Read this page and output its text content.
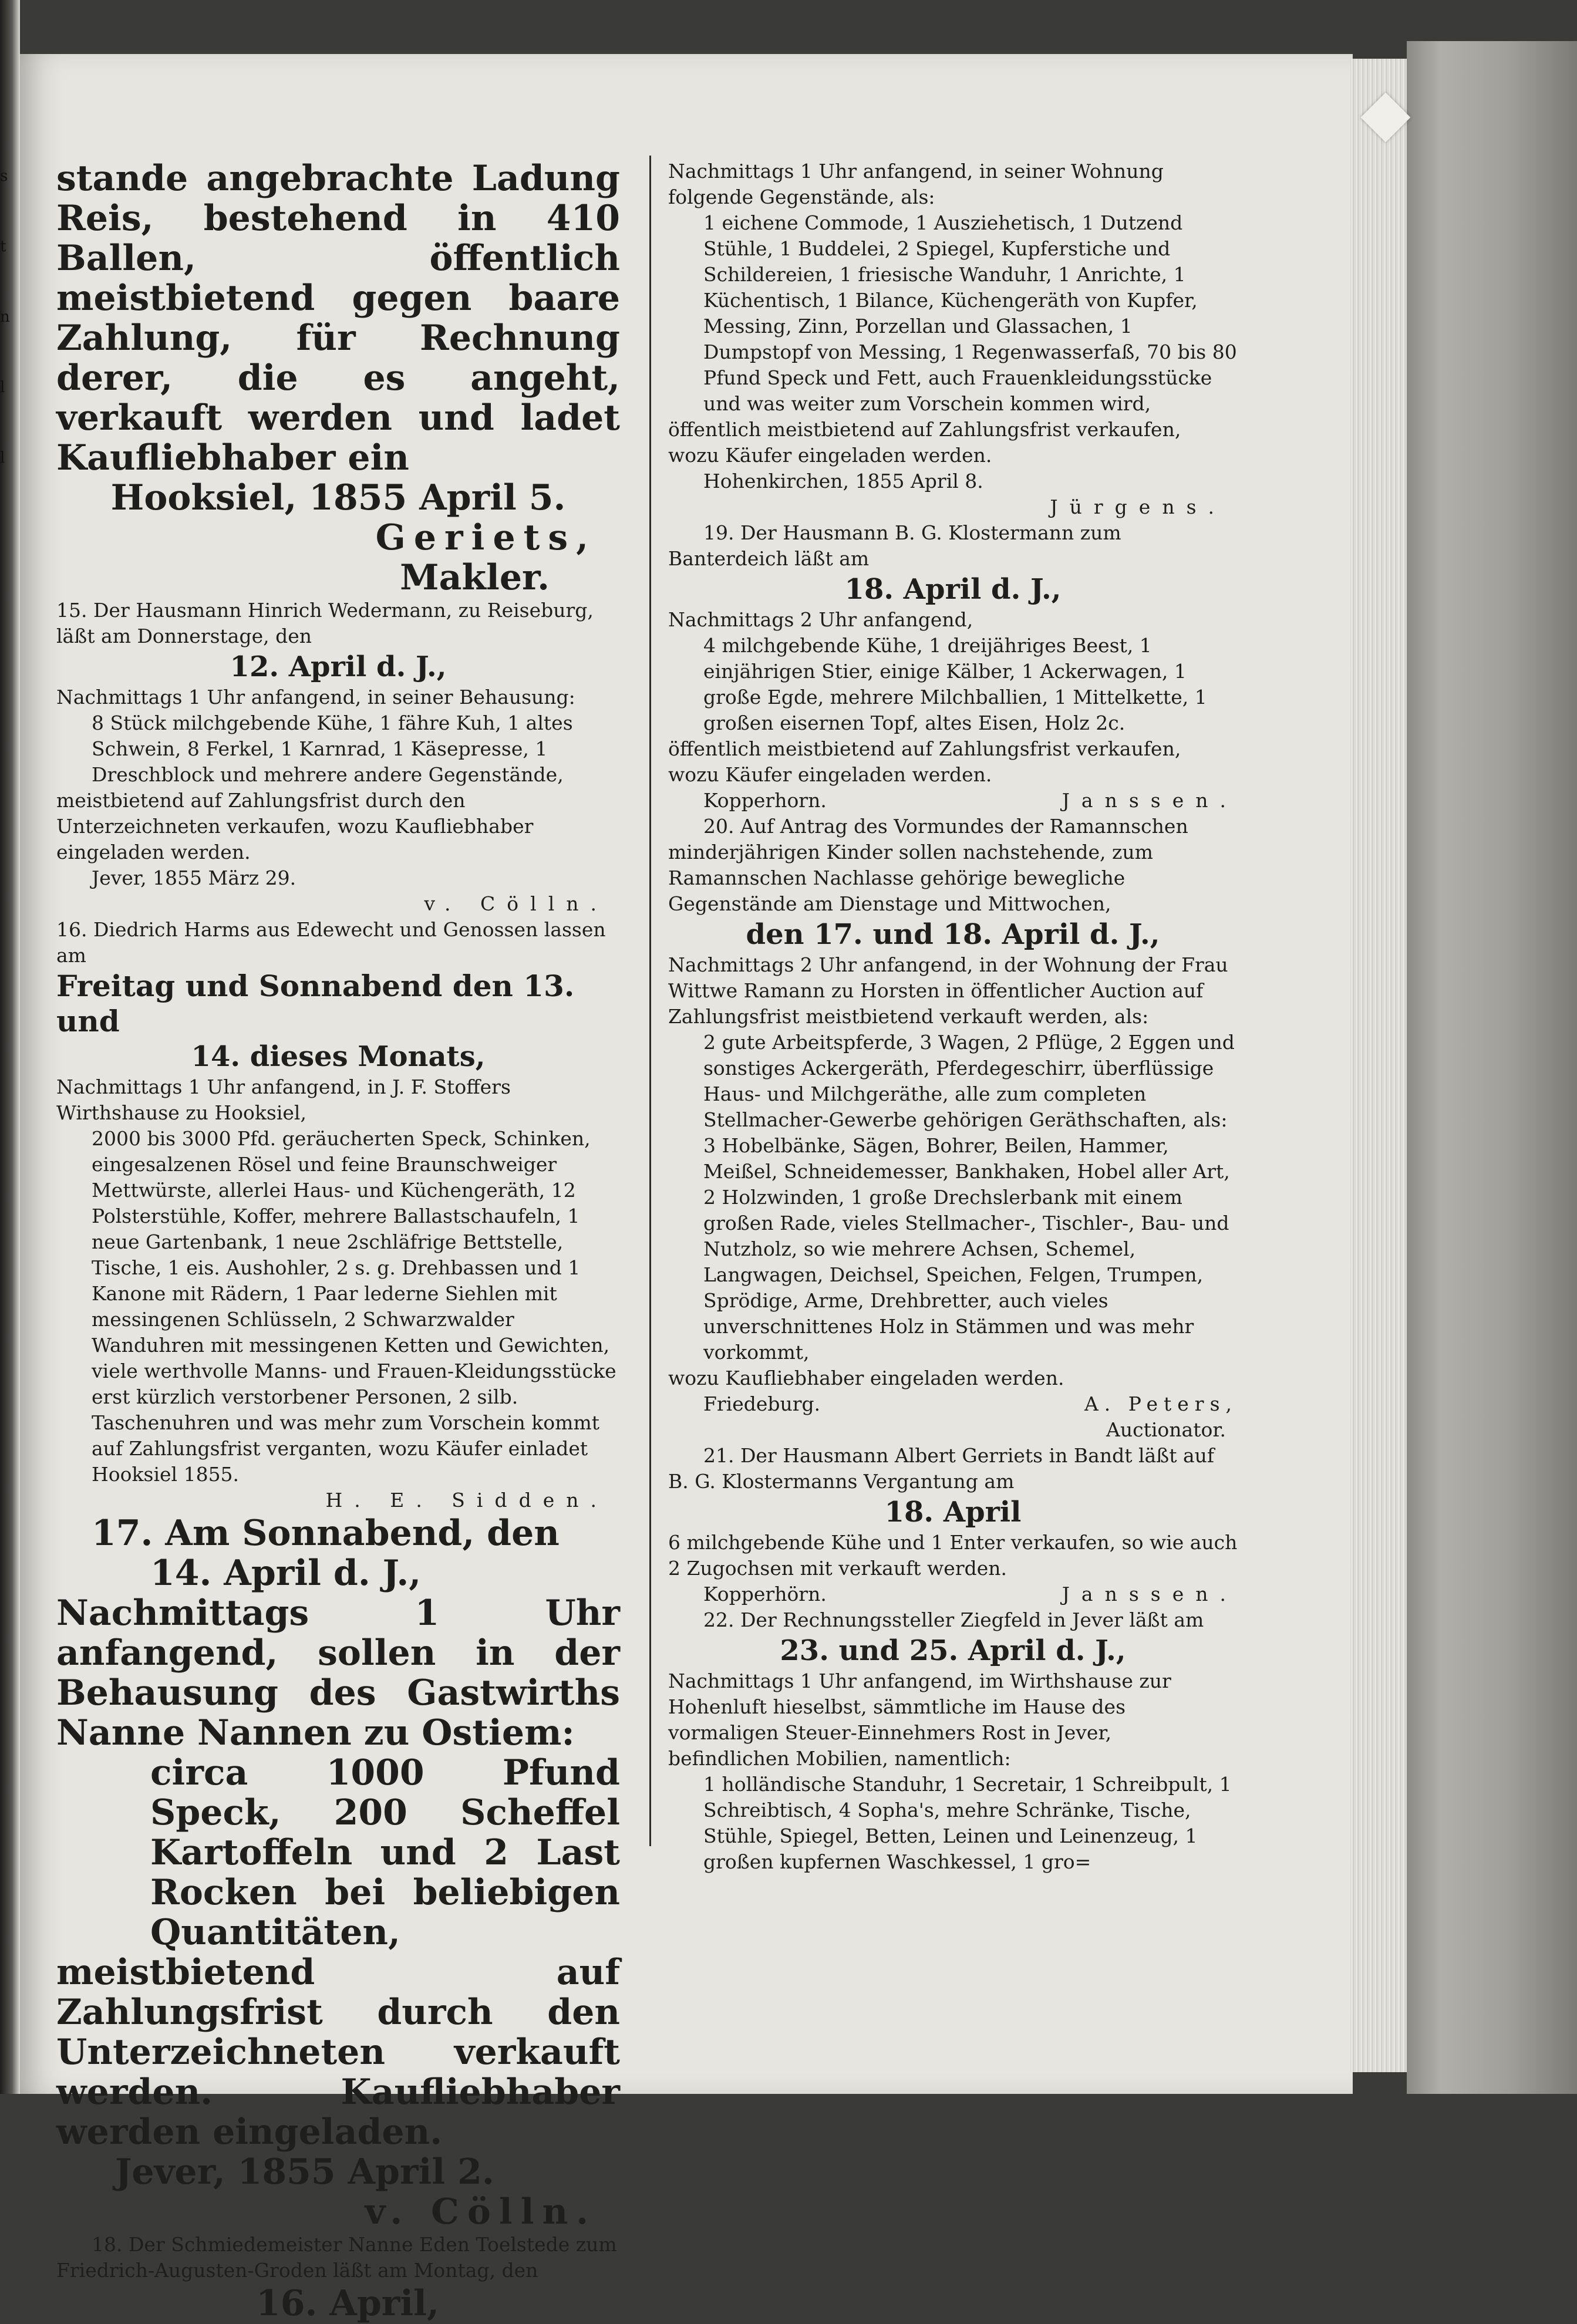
s
t
n
l
l

stande angebrachte Ladung Reis, bestehend in 410 Ballen, öffentlich meistbietend gegen baare Zahlung, für Rechnung derer, die es angeht, verkauft werden und ladet Kaufliebhaber ein

Hooksiel, 1855 April 5.

Geriets,

Makler.

15. Der Hausmann Hinrich Wedermann, zu Reiseburg, läßt am Donnerstage, den

12. April d. J.,

Nachmittags 1 Uhr anfangend, in seiner Behausung:

8 Stück milchgebende Kühe, 1 fähre Kuh, 1 altes Schwein, 8 Ferkel, 1 Karnrad, 1 Käsepresse, 1 Dreschblock und mehrere andere Gegenstände,

meistbietend auf Zahlungsfrist durch den Unterzeichneten verkaufen, wozu Kaufliebhaber eingeladen werden.

Jever, 1855 März 29.

v. Cölln.

16. Diedrich Harms aus Edewecht und Genossen lassen am

Freitag und Sonnabend den 13. und

14. dieses Monats,

Nachmittags 1 Uhr anfangend, in J. F. Stoffers Wirthshause zu Hooksiel,

2000 bis 3000 Pfd. geräucherten Speck, Schinken, eingesalzenen Rösel und feine Braunschweiger Mettwürste, allerlei Haus- und Küchengeräth, 12 Polsterstühle, Koffer, mehrere Ballastschaufeln, 1 neue Gartenbank, 1 neue 2schläfrige Bettstelle, Tische, 1 eis. Aushohler, 2 s. g. Drehbassen und 1 Kanone mit Rädern, 1 Paar lederne Siehlen mit messingenen Schlüsseln, 2 Schwarzwalder Wanduhren mit messingenen Ketten und Gewichten, viele werthvolle Manns- und Frauen-Kleidungsstücke erst kürzlich verstorbener Personen, 2 silb. Taschenuhren und was mehr zum Vorschein kommt auf Zahlungsfrist verganten, wozu Käufer einladet

Hooksiel 1855.

H. E. Sidden.

17. Am Sonnabend, den

14. April d. J.,

Nachmittags 1 Uhr anfangend, sollen in der Behausung des Gastwirths Nanne Nannen zu Ostiem:

circa 1000 Pfund Speck, 200 Scheffel Kartoffeln und 2 Last Rocken bei beliebigen Quantitäten,

meistbietend auf Zahlungsfrist durch den Unterzeichneten verkauft werden. Kaufliebhaber werden eingeladen.

Jever, 1855 April 2.

v. Cölln.

18. Der Schmiedemeister Nanne Eden Toelstede zum Friedrich-Augusten-Groden läßt am Montag, den

16. April,

Nachmittags 1 Uhr anfangend, in seiner Wohnung folgende Gegenstände, als:

1 eichene Commode, 1 Ausziehetisch, 1 Dutzend Stühle, 1 Buddelei, 2 Spiegel, Kupferstiche und Schildereien, 1 friesische Wanduhr, 1 Anrichte, 1 Küchentisch, 1 Bilance, Küchengeräth von Kupfer, Messing, Zinn, Porzellan und Glassachen, 1 Dumpstopf von Messing, 1 Regenwasserfaß, 70 bis 80 Pfund Speck und Fett, auch Frauenkleidungsstücke und was weiter zum Vorschein kommen wird,

öffentlich meistbietend auf Zahlungsfrist verkaufen, wozu Käufer eingeladen werden.

Hohenkirchen, 1855 April 8.

Jürgens.

19. Der Hausmann B. G. Klostermann zum Banterdeich läßt am

18. April d. J.,

Nachmittags 2 Uhr anfangend,

4 milchgebende Kühe, 1 dreijähriges Beest, 1 einjährigen Stier, einige Kälber, 1 Ackerwagen, 1 große Egde, mehrere Milchballien, 1 Mittelkette, 1 großen eisernen Topf, altes Eisen, Holz 2c.

öffentlich meistbietend auf Zahlungsfrist verkaufen, wozu Käufer eingeladen werden.

Kopperhorn.	Janssen.

20. Auf Antrag des Vormundes der Ramannschen minderjährigen Kinder sollen nachstehende, zum Ramannschen Nachlasse gehörige bewegliche Gegenstände am Dienstage und Mittwochen,

den 17. und 18. April d. J.,

Nachmittags 2 Uhr anfangend, in der Wohnung der Frau Wittwe Ramann zu Horsten in öffentlicher Auction auf Zahlungsfrist meistbietend verkauft werden, als:

2 gute Arbeitspferde, 3 Wagen, 2 Pflüge, 2 Eggen und sonstiges Ackergeräth, Pferdegeschirr, überflüssige Haus- und Milchgeräthe, alle zum completen Stellmacher-Gewerbe gehörigen Geräthschaften, als: 3 Hobelbänke, Sägen, Bohrer, Beilen, Hammer, Meißel, Schneidemesser, Bankhaken, Hobel aller Art, 2 Holzwinden, 1 große Drechslerbank mit einem großen Rade, vieles Stellmacher-, Tischler-, Bau- und Nutzholz, so wie mehrere Achsen, Schemel, Langwagen, Deichsel, Speichen, Felgen, Trumpen, Sprödige, Arme, Drehbretter, auch vieles unverschnittenes Holz in Stämmen und was mehr vorkommt,

wozu Kaufliebhaber eingeladen werden.

Friedeburg.	A. Peters,

Auctionator.

21. Der Hausmann Albert Gerriets in Bandt läßt auf B. G. Klostermanns Vergantung am

18. April

6 milchgebende Kühe und 1 Enter verkaufen, so wie auch 2 Zugochsen mit verkauft werden.

Kopperhörn.	Janssen.

22. Der Rechnungssteller Ziegfeld in Jever läßt am

23. und 25. April d. J.,

Nachmittags 1 Uhr anfangend, im Wirthshause zur Hohenluft hieselbst, sämmtliche im Hause des vormaligen Steuer-Einnehmers Rost in Jever, befindlichen Mobilien, namentlich:

1 holländische Standuhr, 1 Secretair, 1 Schreibpult, 1 Schreibtisch, 4 Sopha's, mehre Schränke, Tische, Stühle, Spiegel, Betten, Leinen und Leinenzeug, 1 großen kupfernen Waschkessel, 1 gro=
